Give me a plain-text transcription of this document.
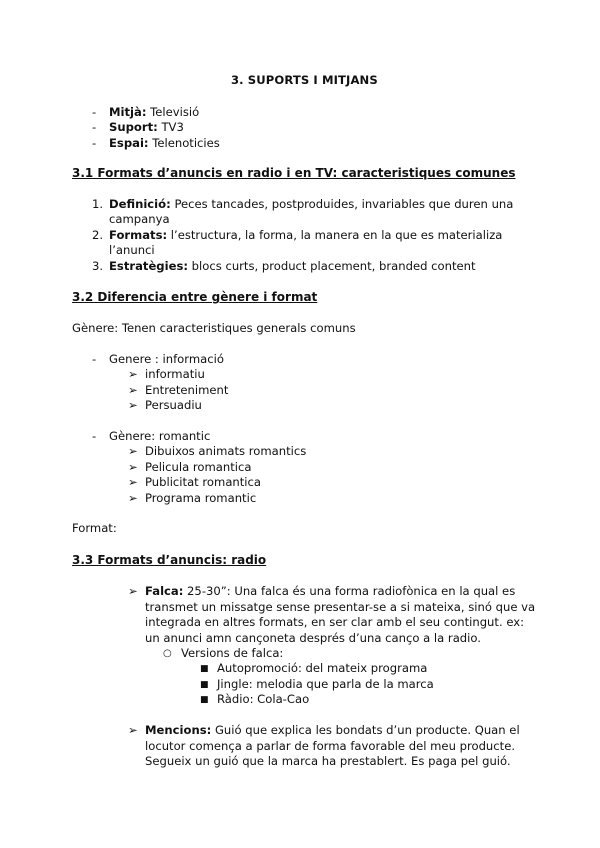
3. SUPORTS I MITJANS
- Mitjà: Televisió
- Suport: TV3
- Espai: Telenoticies
3.1 Formats d’anuncis en radio i en TV: caracteristiques comunes
1. Definició: Peces tancades, postproduides, invariables que duren una
campanya
2. Formats: l’estructura, la forma, la manera en la que es materializa
l’anunci
3. Estratègies: blocs curts, product placement, branded content
3.2 Diferencia entre gènere i format
Gènere: Tenen caracteristiques generals comuns
- Genere : informació
➢ informatiu
➢ Entreteniment
➢ Persuadiu
- Gènere: romantic
➢ Dibuixos animats romantics
➢ Pelicula romantica
➢ Publicitat romantica
➢ Programa romantic
Format:
3.3 Formats d’anuncis: radio
➢ Falca: 25-30”: Una falca és una forma radiofònica en la qual es
transmet un missatge sense presentar-se a si mateixa, sinó que va
integrada en altres formats, en ser clar amb el seu contingut. ex:
un anunci amn cançoneta després d’una canço a la radio.
○ Versions de falca:
■ Autopromoció: del mateix programa
■ Jingle: melodia que parla de la marca
■ Ràdio: Cola-Cao
➢ Mencions: Guió que explica les bondats d’un producte. Quan el
locutor comença a parlar de forma favorable del meu producte.
Segueix un guió que la marca ha prestablert. Es paga pel guió.
